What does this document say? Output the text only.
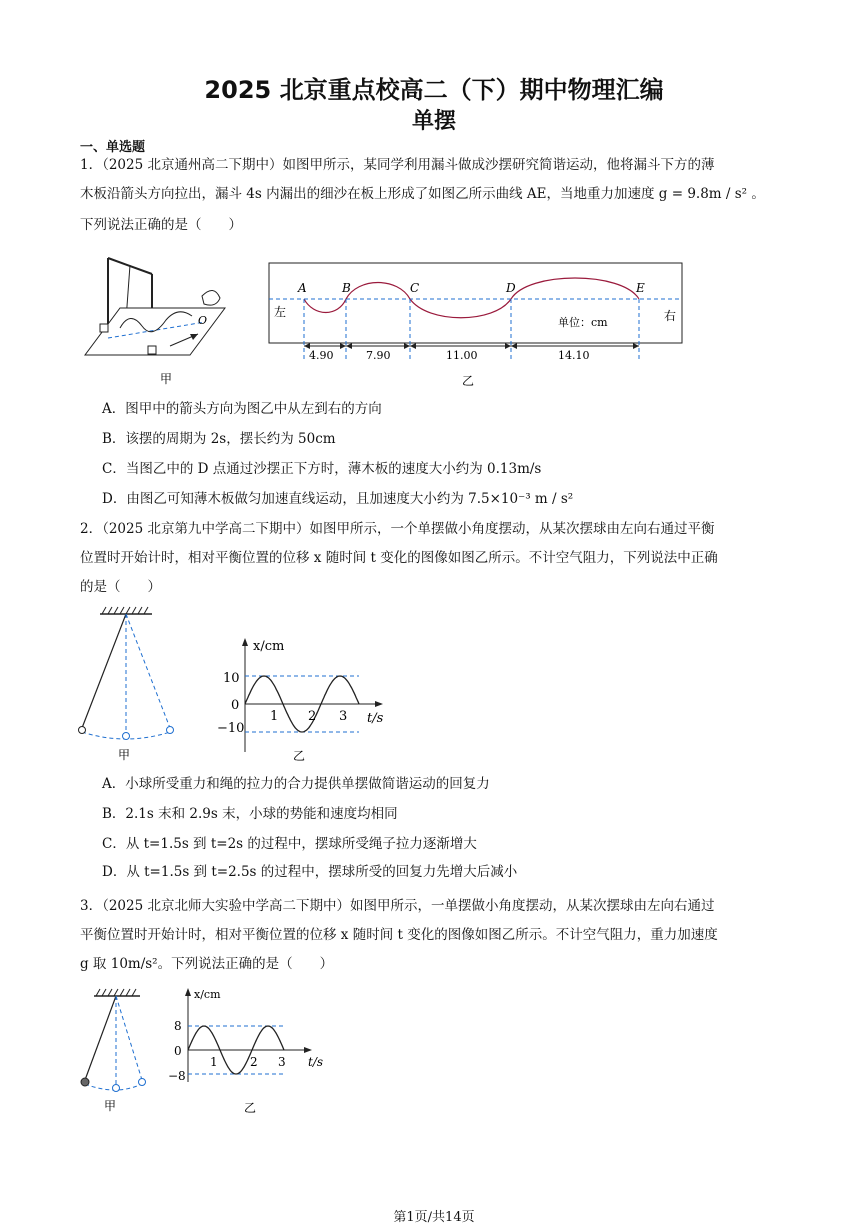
2025 北京重点校高二（下）期中物理汇编
单摆
一、单选题
1．（2025 北京通州高二下期中）如图甲所示，某同学利用漏斗做成沙摆研究简谐运动，他将漏斗下方的薄
木板沿箭头方向拉出，漏斗 4s 内漏出的细沙在板上形成了如图乙所示曲线 AE，当地重力加速度 g = 9.8m / s² 。
下列说法正确的是（　　）
O
甲
A	B	C	D	E
左	右
单位：cm
4.90	7.90	11.00	14.10
乙
A．图甲中的箭头方向为图乙中从左到右的方向
B．该摆的周期为 2s，摆长约为 50cm
C．当图乙中的 D 点通过沙摆正下方时，薄木板的速度大小约为 0.13m/s
D．由图乙可知薄木板做匀加速直线运动，且加速度大小约为 7.5×10⁻³ m / s²
2．（2025 北京第九中学高二下期中）如图甲所示，一个单摆做小角度摆动，从某次摆球由左向右通过平衡
位置时开始计时，相对平衡位置的位移 x 随时间 t 变化的图像如图乙所示。不计空气阻力，下列说法中正确
的是（　　）
甲
x/cm
t/s
10
0
−10
1 2 3
乙
A．小球所受重力和绳的拉力的合力提供单摆做简谐运动的回复力
B．2.1s 末和 2.9s 末，小球的势能和速度均相同
C．从 t=1.5s 到 t=2s 的过程中，摆球所受绳子拉力逐渐增大
D．从 t=1.5s 到 t=2.5s 的过程中，摆球所受的回复力先增大后减小
3．（2025 北京北师大实验中学高二下期中）如图甲所示，一单摆做小角度摆动，从某次摆球由左向右通过
平衡位置时开始计时，相对平衡位置的位移 x 随时间 t 变化的图像如图乙所示。不计空气阻力，重力加速度
g 取 10m/s²。下列说法正确的是（　　）
甲
x/cm
t/s
8
0
−8
1	2 3
乙
第1页/共14页
